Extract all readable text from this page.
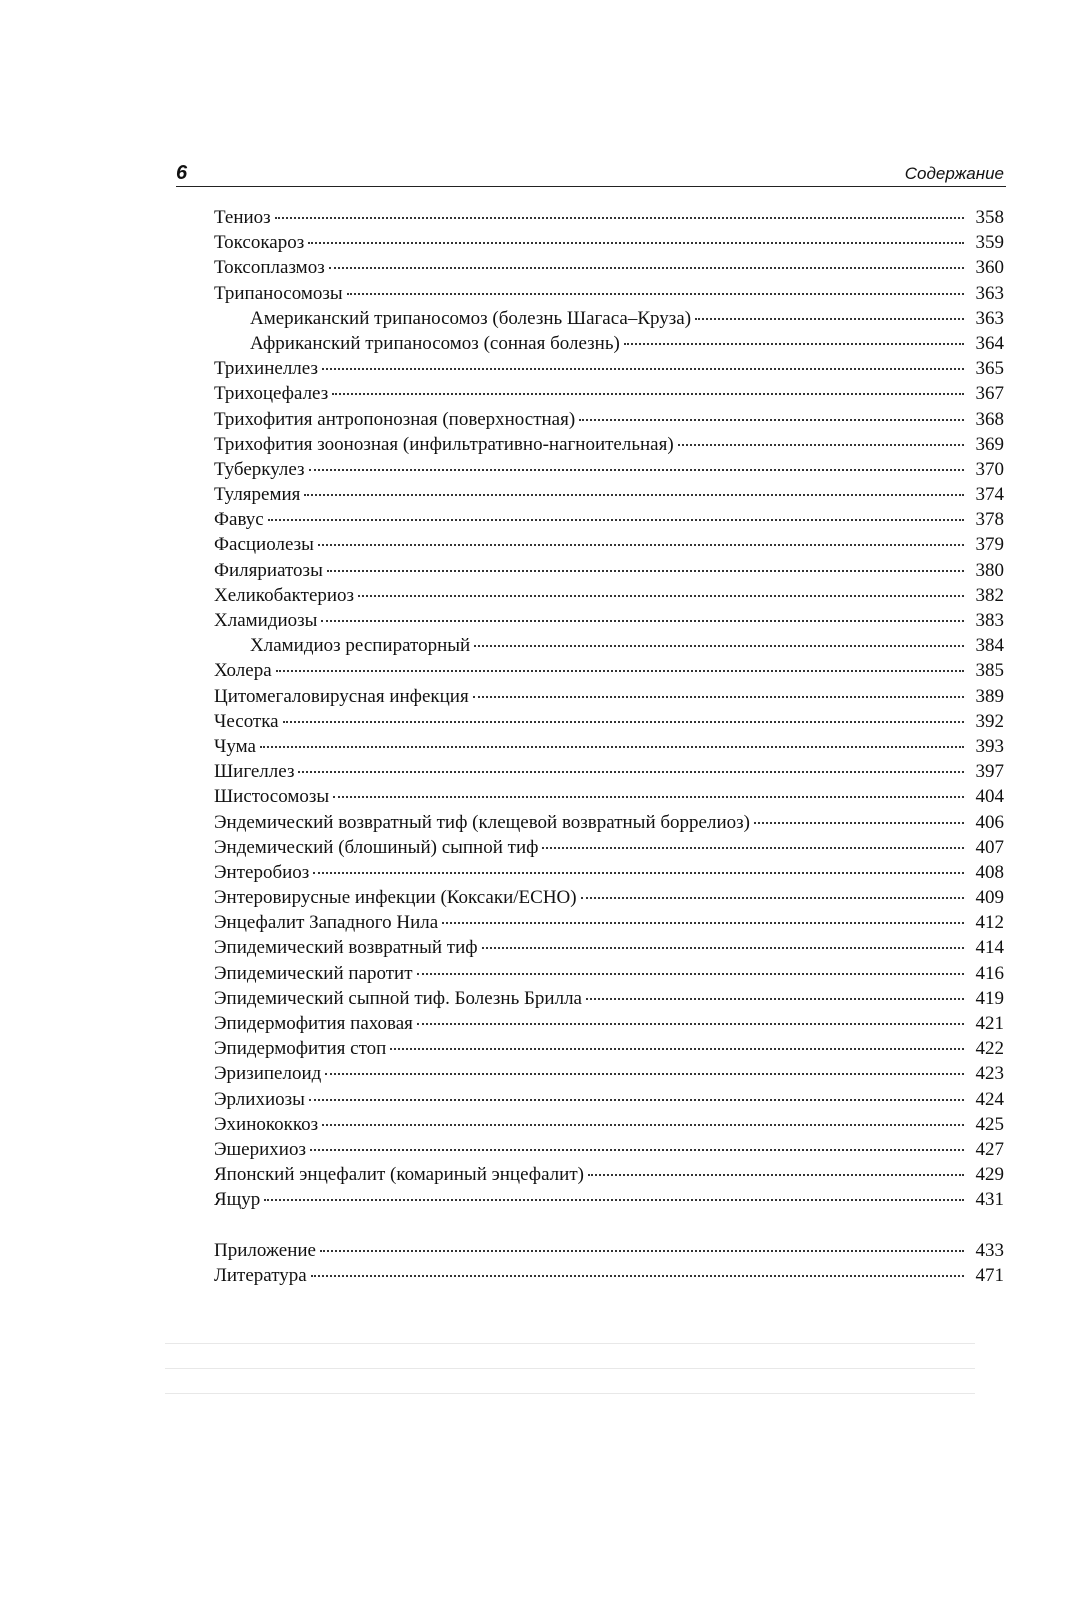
6	Содержание
Тениоз	358
Токсокароз	359
Токсоплазмоз	360
Трипаносомозы	363
Американский трипаносомоз (болезнь Шагаса–Круза)	363
Африканский трипаносомоз (сонная болезнь)	364
Трихинеллез	365
Трихоцефалез	367
Трихофития антропонозная (поверхностная)	368
Трихофития зоонозная (инфильтративно-нагноительная)	369
Туберкулез	370
Туляремия	374
Фавус	378
Фасциолезы	379
Филяриатозы	380
Хеликобактериоз	382
Хламидиозы	383
Хламидиоз респираторный	384
Холера	385
Цитомегаловирусная инфекция	389
Чесотка	392
Чума	393
Шигеллез	397
Шистосомозы	404
Эндемический возвратный тиф (клещевой возвратный боррелиоз)	406
Эндемический (блошиный) сыпной тиф	407
Энтеробиоз	408
Энтеровирусные инфекции (Коксаки/ЕСНО)	409
Энцефалит Западного Нила	412
Эпидемический возвратный тиф	414
Эпидемический паротит	416
Эпидемический сыпной тиф. Болезнь Брилла	419
Эпидермофития паховая	421
Эпидермофития стоп	422
Эризипелоид	423
Эрлихиозы	424
Эхинококкоз	425
Эшерихиоз	427
Японский энцефалит (комариный энцефалит)	429
Ящур	431
Приложение	433
Литература	471
